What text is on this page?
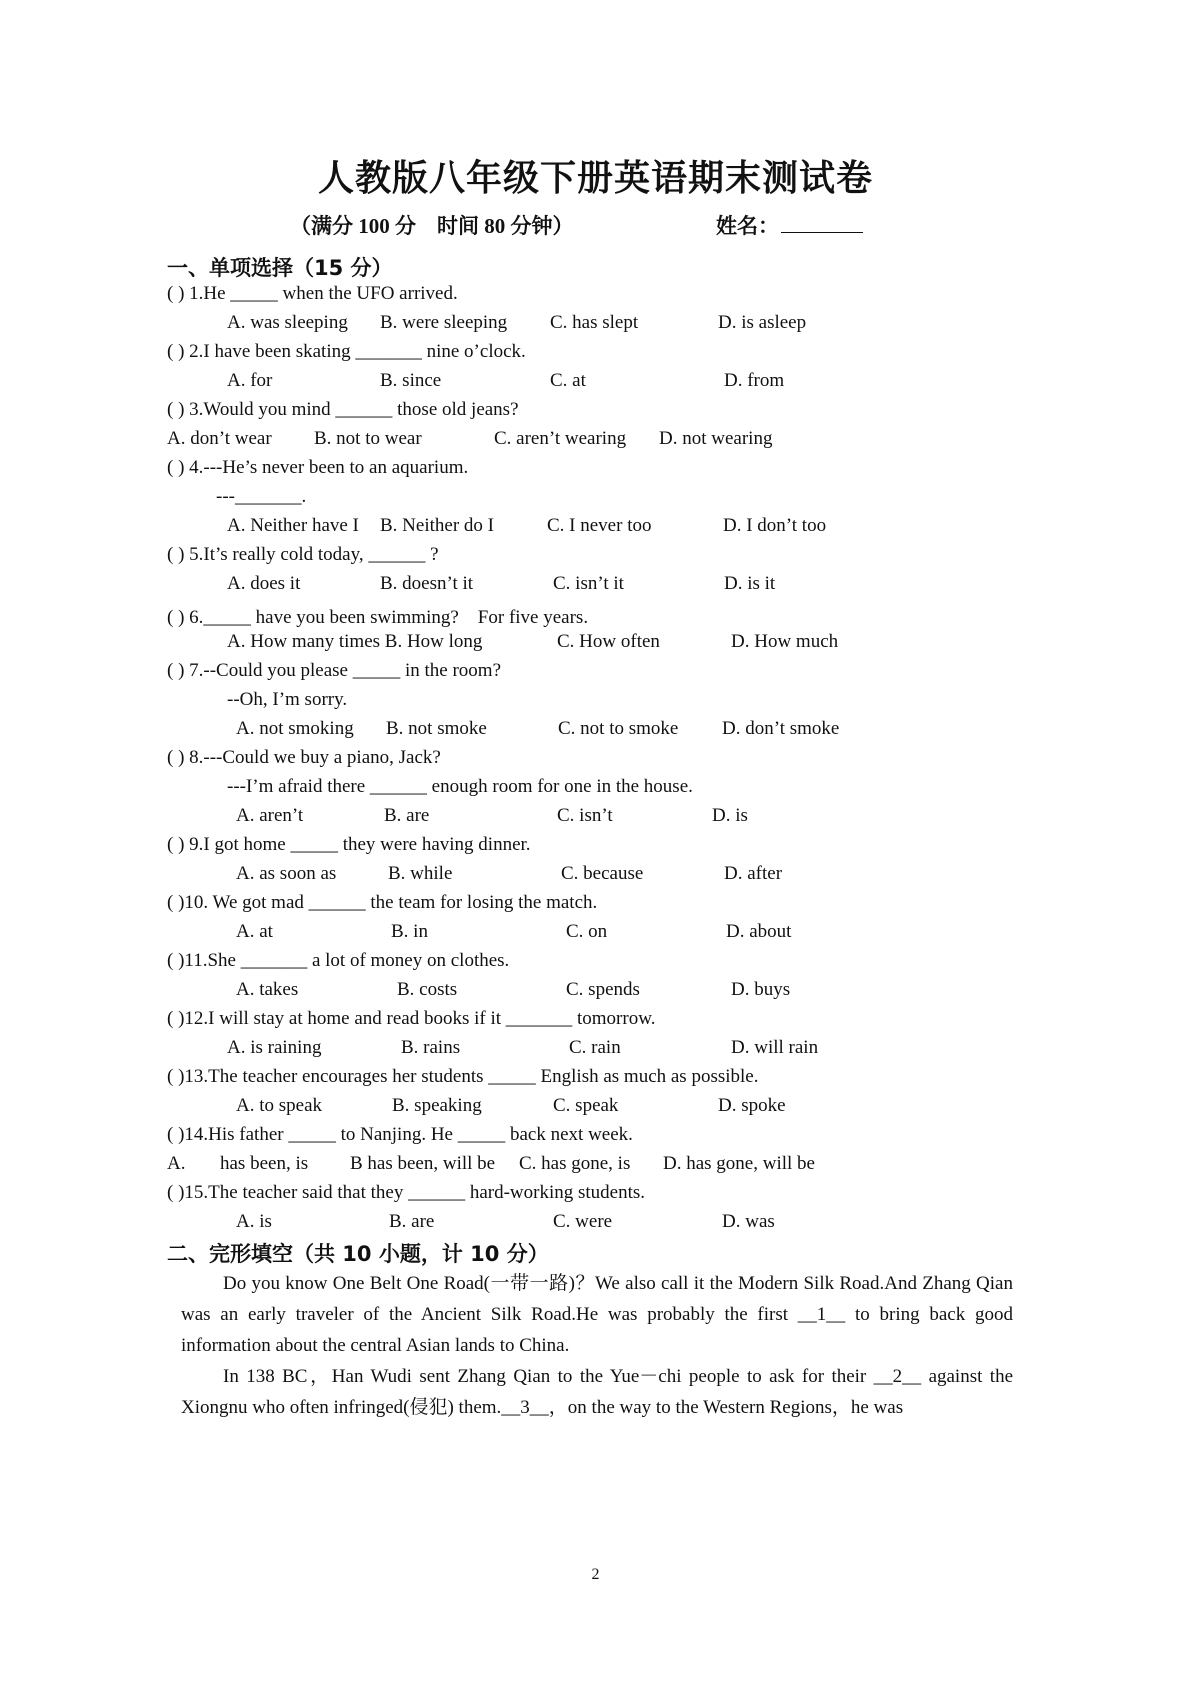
人教版八年级下册英语期末测试卷
（满分 100 分　时间 80 分钟）	姓名：
一、单项选择（15 分）
( ) 1.He _____ when the UFO arrived.
A. was sleeping B. were sleeping C. has slept	D. is asleep
( ) 2.I have been skating _______ nine o’clock.
A. for	B. since	C. at	D. from
( ) 3.Would you mind ______ those old jeans?
A. don’t wear B. not to wear	C. aren’t wearing D. not wearing
( ) 4.---He’s never been to an aquarium.
---_______.
A. Neither have I B. Neither do I	C. I never too	D. I don’t too
( ) 5.It’s really cold today, ______ ?
A. does it	B. doesn’t it	C. isn’t it	D. is it
( ) 6._____ have you been swimming?　For five years.
A. How many times B. How long	C. How often	D. How much
( ) 7.--Could you please _____ in the room?
--Oh, I’m sorry.
A. not smoking B. not smoke	C. not to smoke D. don’t smoke
( ) 8.---Could we buy a piano, Jack?
---I’m afraid there ______ enough room for one in the house.
A. aren’t	B. are	C. isn’t	D. is
( ) 9.I got home _____ they were having dinner.
A. as soon as	B. while	C. because	D. after
( )10. We got mad ______ the team for losing the match.
A. at	B. in	C. on	D. about
( )11.She _______ a lot of money on clothes.
A. takes	B. costs	C. spends	D. buys
( )12.I will stay at home and read books if it _______ tomorrow.
A. is raining	B. rains	C. rain	D. will rain
( )13.The teacher encourages her students _____ English as much as possible.
A. to speak	B. speaking	C. speak	D. spoke
( )14.His father _____ to Nanjing. He _____ back next week.
A. has been, is B has been, will be C. has gone, is D. has gone, will be
( )15.The teacher said that they ______ hard-working students.
A. is	B. are	C. were	D. was
二、完形填空（共 10 小题，计 10 分）

Do you know One Belt One Road(一带一路)？We also call it the Modern Silk Road.And Zhang Qian was an early traveler of the Ancient Silk Road.He was probably the first __1__ to bring back good information about the central Asian lands to China.

In 138 BC，Han Wudi sent Zhang Qian to the Yue－chi people to ask for their __2__ against the Xiongnu who often infringed(侵犯) them.__3__，on the way to the Western Regions，he was

2
